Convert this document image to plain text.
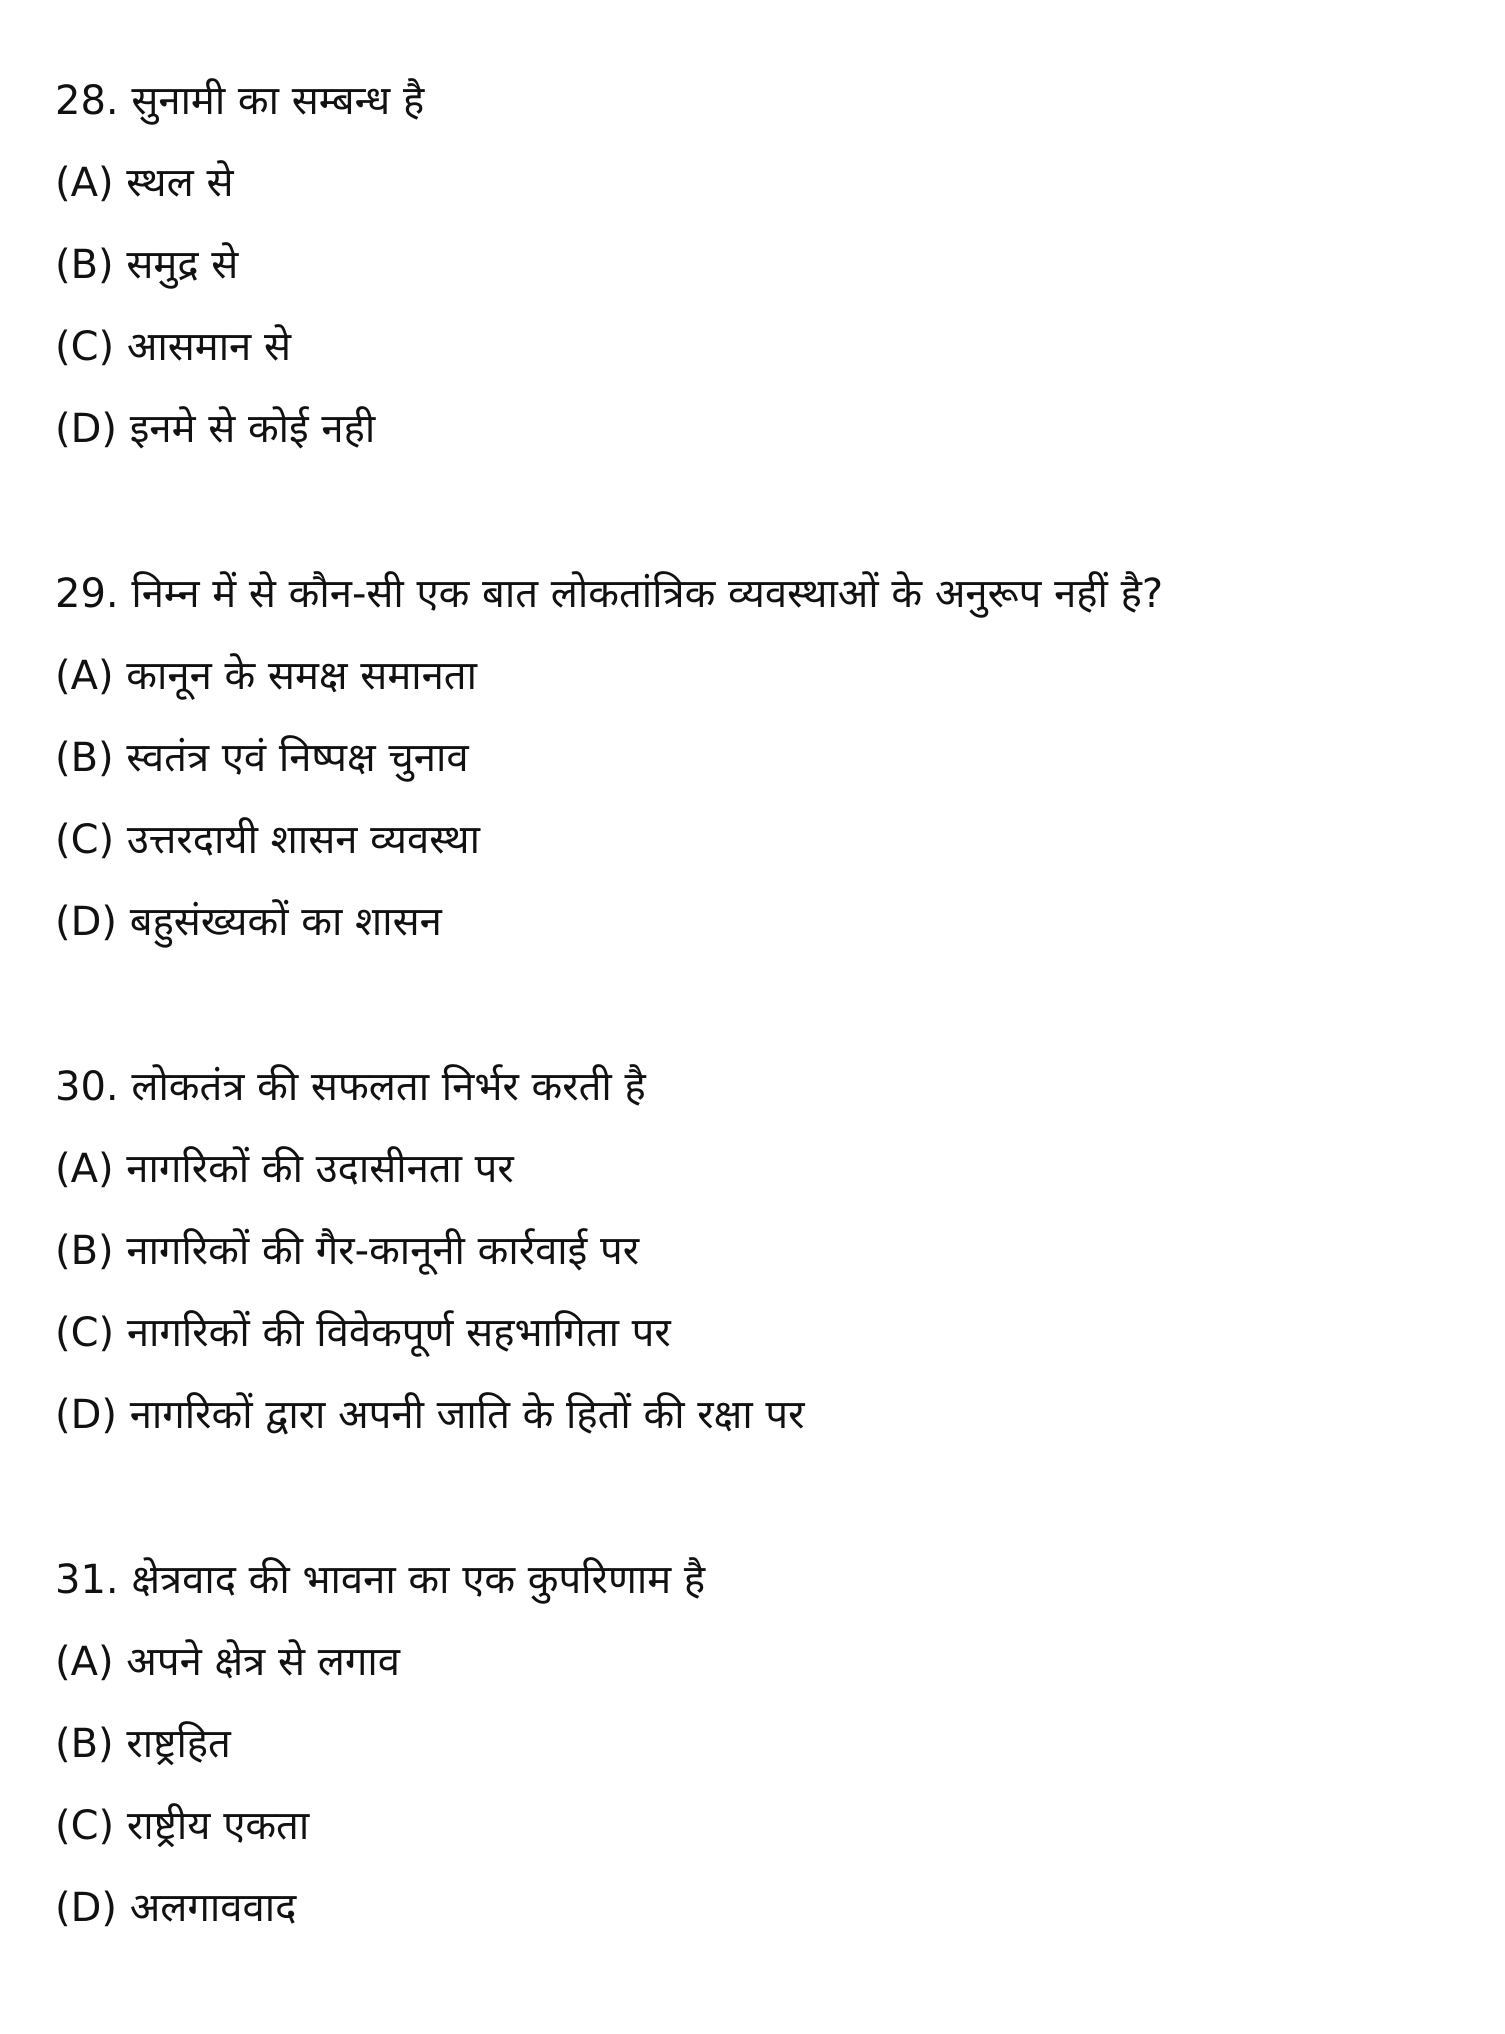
28. सुनामी का सम्बन्ध है
(A) स्थल से
(B) समुद्र से
(C) आसमान से
(D) इनमे से कोई नही
29. निम्न में से कौन-सी एक बात लोकतांत्रिक व्यवस्थाओं के अनुरूप नहीं है?
(A) कानून के समक्ष समानता
(B) स्वतंत्र एवं निष्पक्ष चुनाव
(C) उत्तरदायी शासन व्यवस्था
(D) बहुसंख्यकों का शासन
30. लोकतंत्र की सफलता निर्भर करती है
(A) नागरिकों की उदासीनता पर
(B) नागरिकों की गैर-कानूनी कार्रवाई पर
(C) नागरिकों की विवेकपूर्ण सहभागिता पर
(D) नागरिकों द्वारा अपनी जाति के हितों की रक्षा पर
31. क्षेत्रवाद की भावना का एक कुपरिणाम है
(A) अपने क्षेत्र से लगाव
(B) राष्ट्रहित
(C) राष्ट्रीय एकता
(D) अलगाववाद
